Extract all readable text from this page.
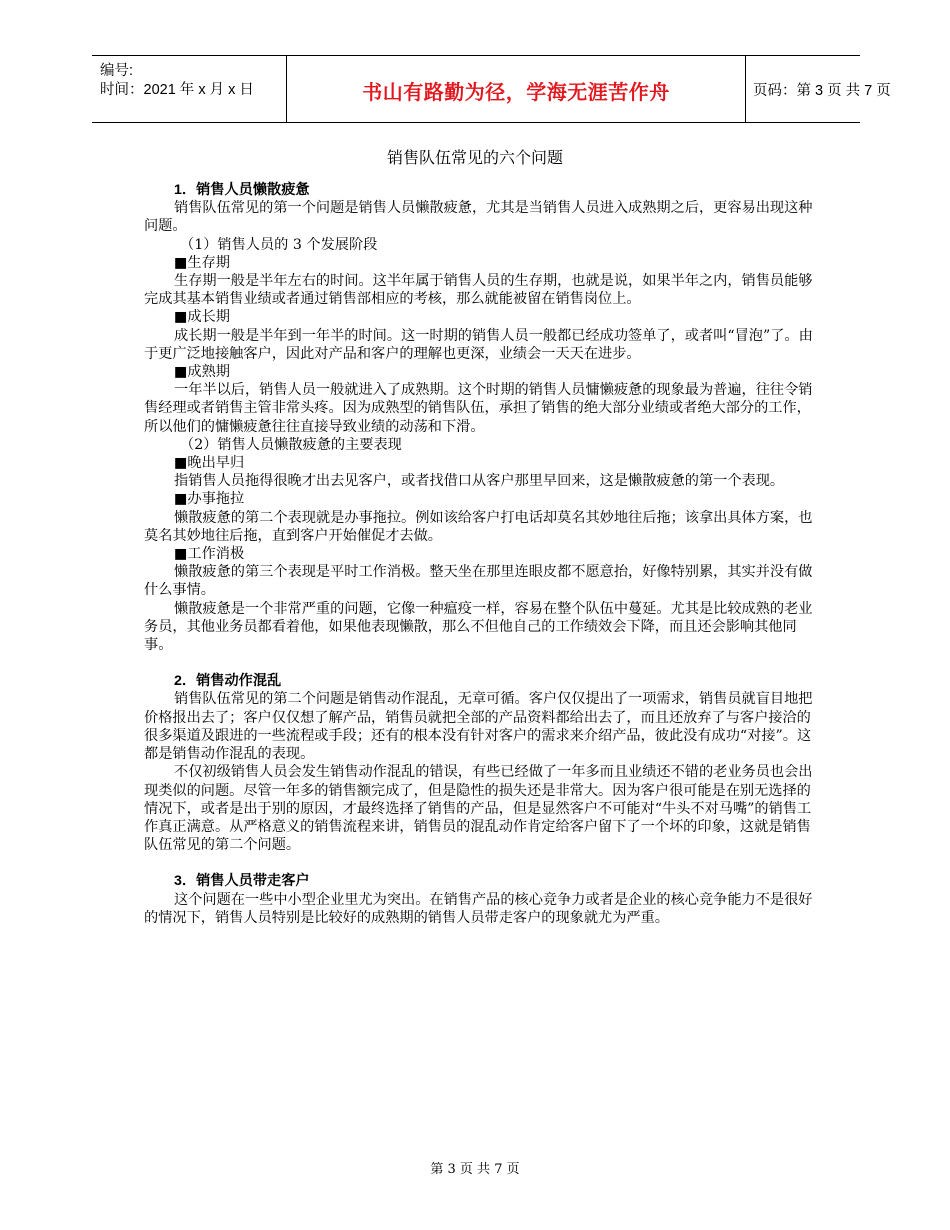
编号:
时间：2021 年 x 月 x 日	书山有路勤为径，学海无涯苦作舟	页码：第 3 页 共 7 页
销售队伍常见的六个问题

1．销售人员懒散疲惫

销售队伍常见的第一个问题是销售人员懒散疲惫，尤其是当销售人员进入成熟期之后，更容易出现这种问题。

（1）销售人员的 3 个发展阶段

■生存期

生存期一般是半年左右的时间。这半年属于销售人员的生存期，也就是说，如果半年之内，销售员能够完成其基本销售业绩或者通过销售部相应的考核，那么就能被留在销售岗位上。

■成长期

成长期一般是半年到一年半的时间。这一时期的销售人员一般都已经成功签单了，或者叫“冒泡”了。由于更广泛地接触客户，因此对产品和客户的理解也更深，业绩会一天天在进步。

■成熟期

一年半以后，销售人员一般就进入了成熟期。这个时期的销售人员慵懒疲惫的现象最为普遍，往往令销售经理或者销售主管非常头疼。因为成熟型的销售队伍，承担了销售的绝大部分业绩或者绝大部分的工作，所以他们的慵懒疲惫往往直接导致业绩的动荡和下滑。

（2）销售人员懒散疲惫的主要表现

■晚出早归

指销售人员拖得很晚才出去见客户，或者找借口从客户那里早回来，这是懒散疲惫的第一个表现。

■办事拖拉

懒散疲惫的第二个表现就是办事拖拉。例如该给客户打电话却莫名其妙地往后拖；该拿出具体方案，也莫名其妙地往后拖，直到客户开始催促才去做。

■工作消极

懒散疲惫的第三个表现是平时工作消极。整天坐在那里连眼皮都不愿意抬，好像特别累，其实并没有做什么事情。

懒散疲惫是一个非常严重的问题，它像一种瘟疫一样，容易在整个队伍中蔓延。尤其是比较成熟的老业务员，其他业务员都看着他，如果他表现懒散，那么不但他自己的工作绩效会下降，而且还会影响其他同事。

2．销售动作混乱

销售队伍常见的第二个问题是销售动作混乱，无章可循。客户仅仅提出了一项需求，销售员就盲目地把价格报出去了；客户仅仅想了解产品，销售员就把全部的产品资料都给出去了，而且还放弃了与客户接洽的很多渠道及跟进的一些流程或手段；还有的根本没有针对客户的需求来介绍产品，彼此没有成功“对接”。这都是销售动作混乱的表现。

不仅初级销售人员会发生销售动作混乱的错误，有些已经做了一年多而且业绩还不错的老业务员也会出现类似的问题。尽管一年多的销售额完成了，但是隐性的损失还是非常大。因为客户很可能是在别无选择的情况下，或者是出于别的原因，才最终选择了销售的产品，但是显然客户不可能对“牛头不对马嘴”的销售工作真正满意。从严格意义的销售流程来讲，销售员的混乱动作肯定给客户留下了一个坏的印象，这就是销售队伍常见的第二个问题。

3．销售人员带走客户

这个问题在一些中小型企业里尤为突出。在销售产品的核心竞争力或者是企业的核心竞争能力不是很好的情况下，销售人员特别是比较好的成熟期的销售人员带走客户的现象就尤为严重。

第 3 页 共 7 页
